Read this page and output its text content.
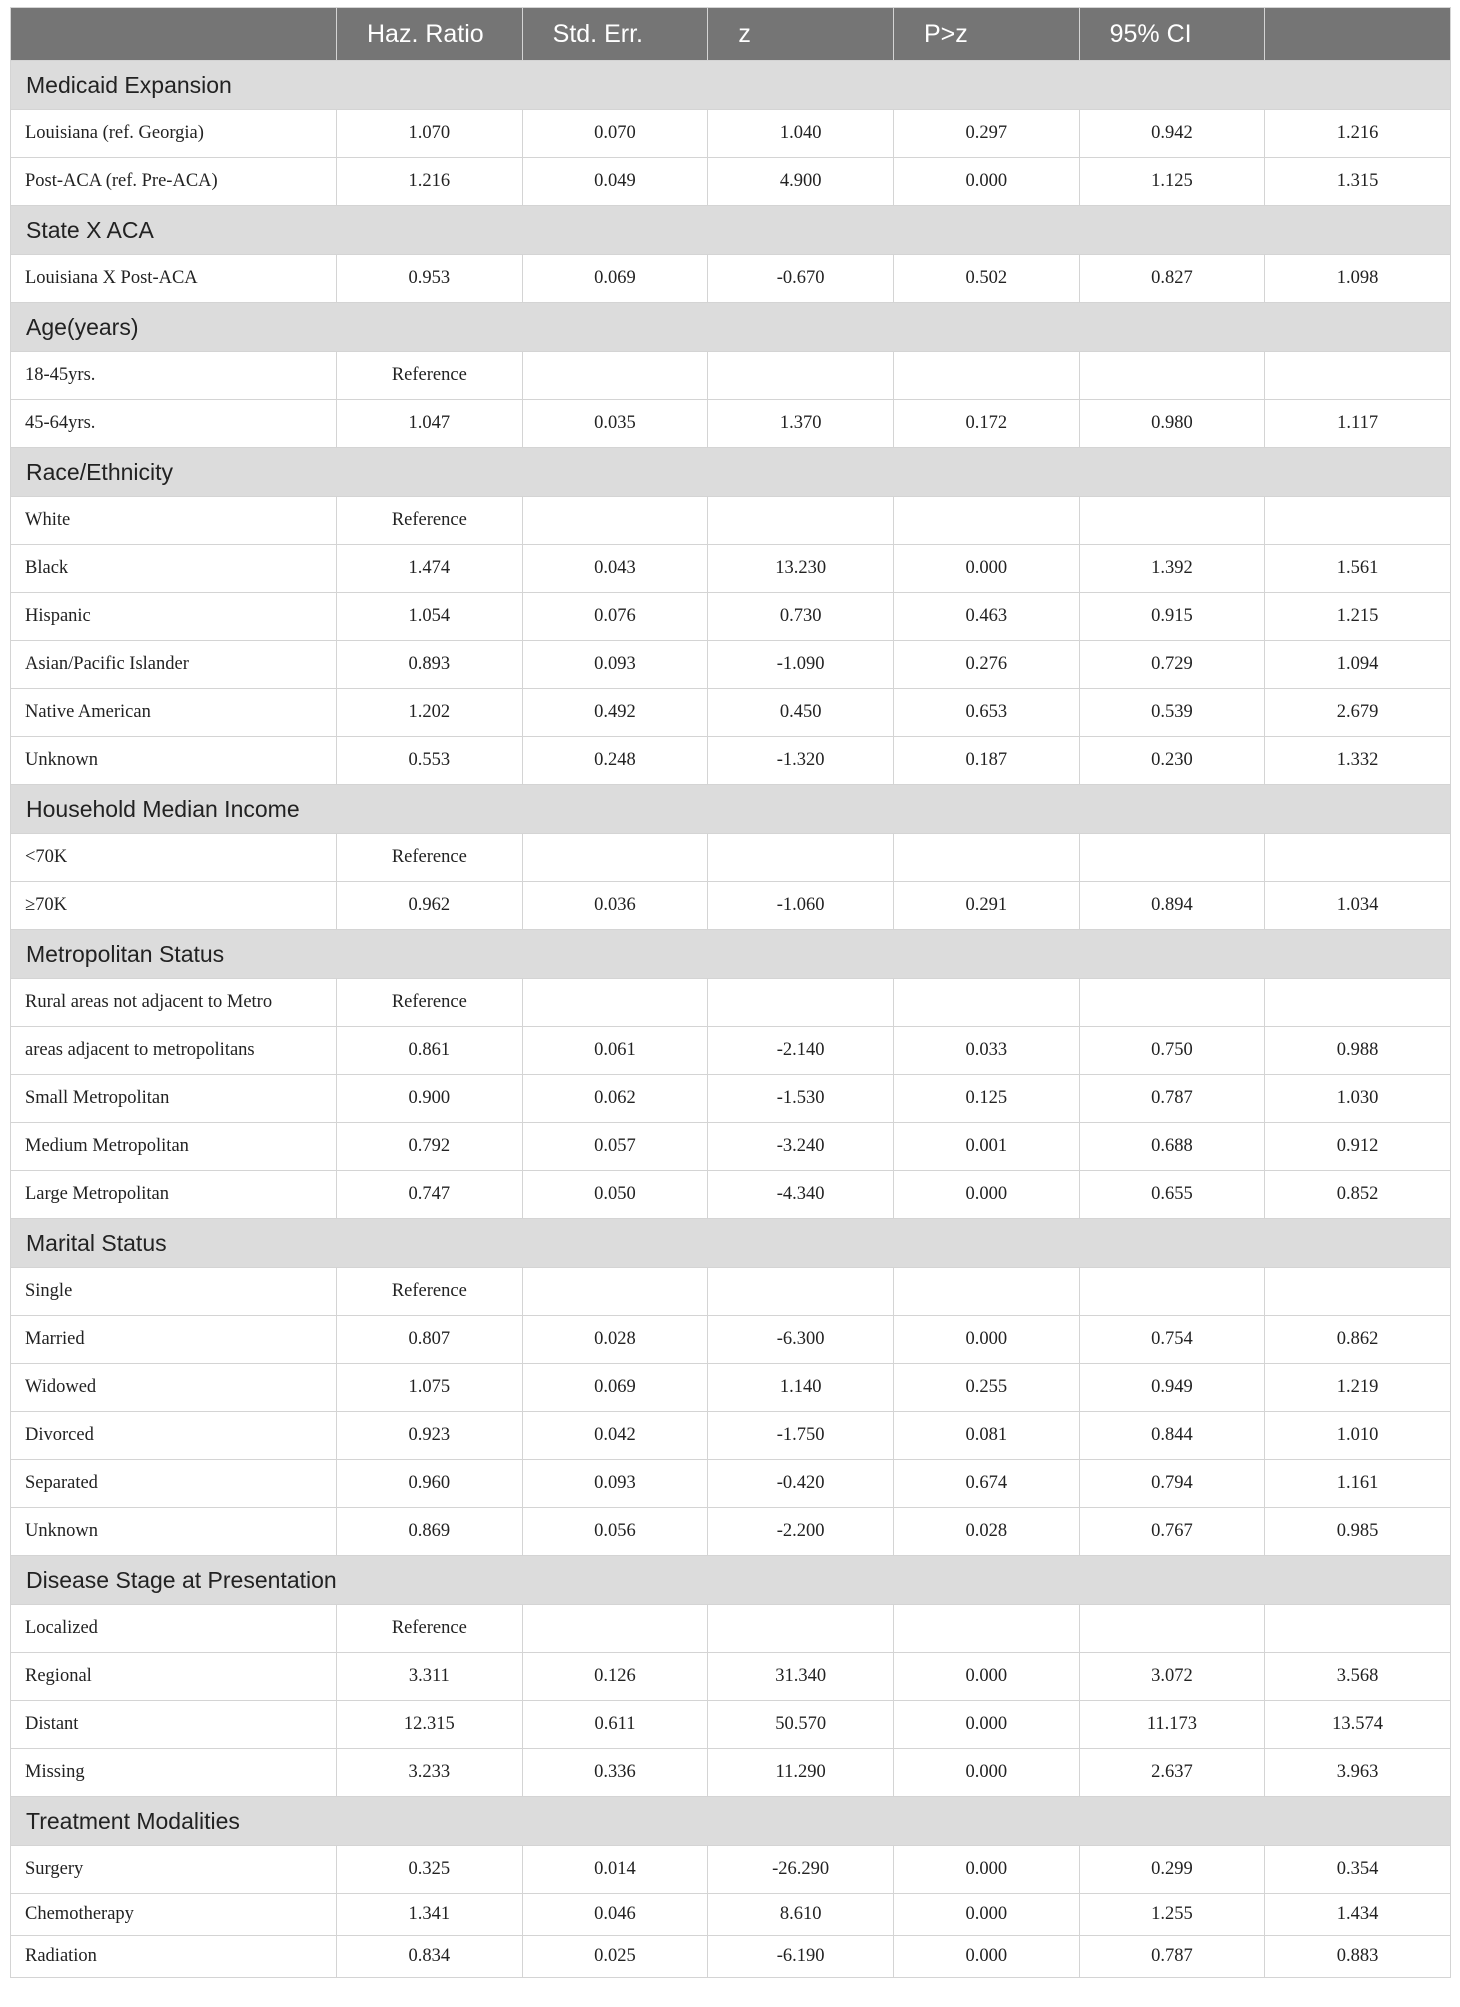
	Haz. Ratio	Std. Err.	z	P>z	95% CI	
Medicaid Expansion						
Louisiana (ref. Georgia)	1.070	0.070	1.040	0.297	0.942	1.216
Post-ACA (ref. Pre-ACA)	1.216	0.049	4.900	0.000	1.125	1.315
State X ACA						
Louisiana X Post-ACA	0.953	0.069	-0.670	0.502	0.827	1.098
Age(years)						
18-45yrs.	Reference					
45-64yrs.	1.047	0.035	1.370	0.172	0.980	1.117
Race/Ethnicity						
White	Reference					
Black	1.474	0.043	13.230	0.000	1.392	1.561
Hispanic	1.054	0.076	0.730	0.463	0.915	1.215
Asian/Pacific Islander	0.893	0.093	-1.090	0.276	0.729	1.094
Native American	1.202	0.492	0.450	0.653	0.539	2.679
Unknown	0.553	0.248	-1.320	0.187	0.230	1.332
Household Median Income						
<70K	Reference					
≥70K	0.962	0.036	-1.060	0.291	0.894	1.034
Metropolitan Status						
Rural areas not adjacent to Metro	Reference					
areas adjacent to metropolitans	0.861	0.061	-2.140	0.033	0.750	0.988
Small Metropolitan	0.900	0.062	-1.530	0.125	0.787	1.030
Medium Metropolitan	0.792	0.057	-3.240	0.001	0.688	0.912
Large Metropolitan	0.747	0.050	-4.340	0.000	0.655	0.852
Marital Status						
Single	Reference					
Married	0.807	0.028	-6.300	0.000	0.754	0.862
Widowed	1.075	0.069	1.140	0.255	0.949	1.219
Divorced	0.923	0.042	-1.750	0.081	0.844	1.010
Separated	0.960	0.093	-0.420	0.674	0.794	1.161
Unknown	0.869	0.056	-2.200	0.028	0.767	0.985
Disease Stage at Presentation						
Localized	Reference					
Regional	3.311	0.126	31.340	0.000	3.072	3.568
Distant	12.315	0.611	50.570	0.000	11.173	13.574
Missing	3.233	0.336	11.290	0.000	2.637	3.963
Treatment Modalities						
Surgery	0.325	0.014	-26.290	0.000	0.299	0.354
Chemotherapy	1.341	0.046	8.610	0.000	1.255	1.434
Radiation	0.834	0.025	-6.190	0.000	0.787	0.883
